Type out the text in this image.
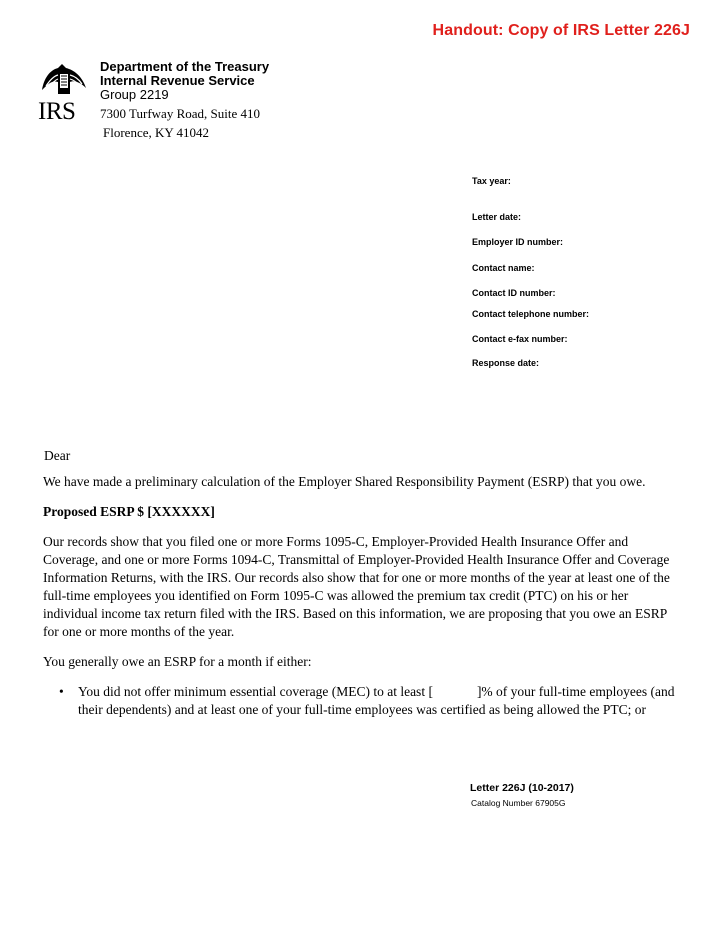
Handout: Copy of IRS Letter 226J
IRS
Department of the Treasury
Internal Revenue Service
Group 2219
7300 Turfway Road, Suite 410
Florence, KY 41042
Tax year:
Letter date:
Employer ID number:
Contact name:
Contact ID number:
Contact telephone number:
Contact e-fax number:
Response date:
Dear

We have made a preliminary calculation of the Employer Shared Responsibility Payment (ESRP) that you owe.

Proposed ESRP $ [XXXXXX]

Our records show that you filed one or more Forms 1095-C, Employer-Provided Health Insurance Offer and Coverage, and one or more Forms 1094-C, Transmittal of Employer-Provided Health Insurance Offer and Coverage Information Returns, with the IRS. Our records also show that for one or more months of the year at least one of the full-time employees you identified on Form 1095-C was allowed the premium tax credit (PTC) on his or her individual income tax return filed with the IRS. Based on this information, we are proposing that you owe an ESRP for one or more months of the year.

You generally owe an ESRP for a month if either:

• You did not offer minimum essential coverage (MEC) to at least [	]% of your full-time employees (and their dependents) and at least one of your full-time employees was certified as being allowed the PTC; or
Letter 226J (10-2017)
Catalog Number 67905G
